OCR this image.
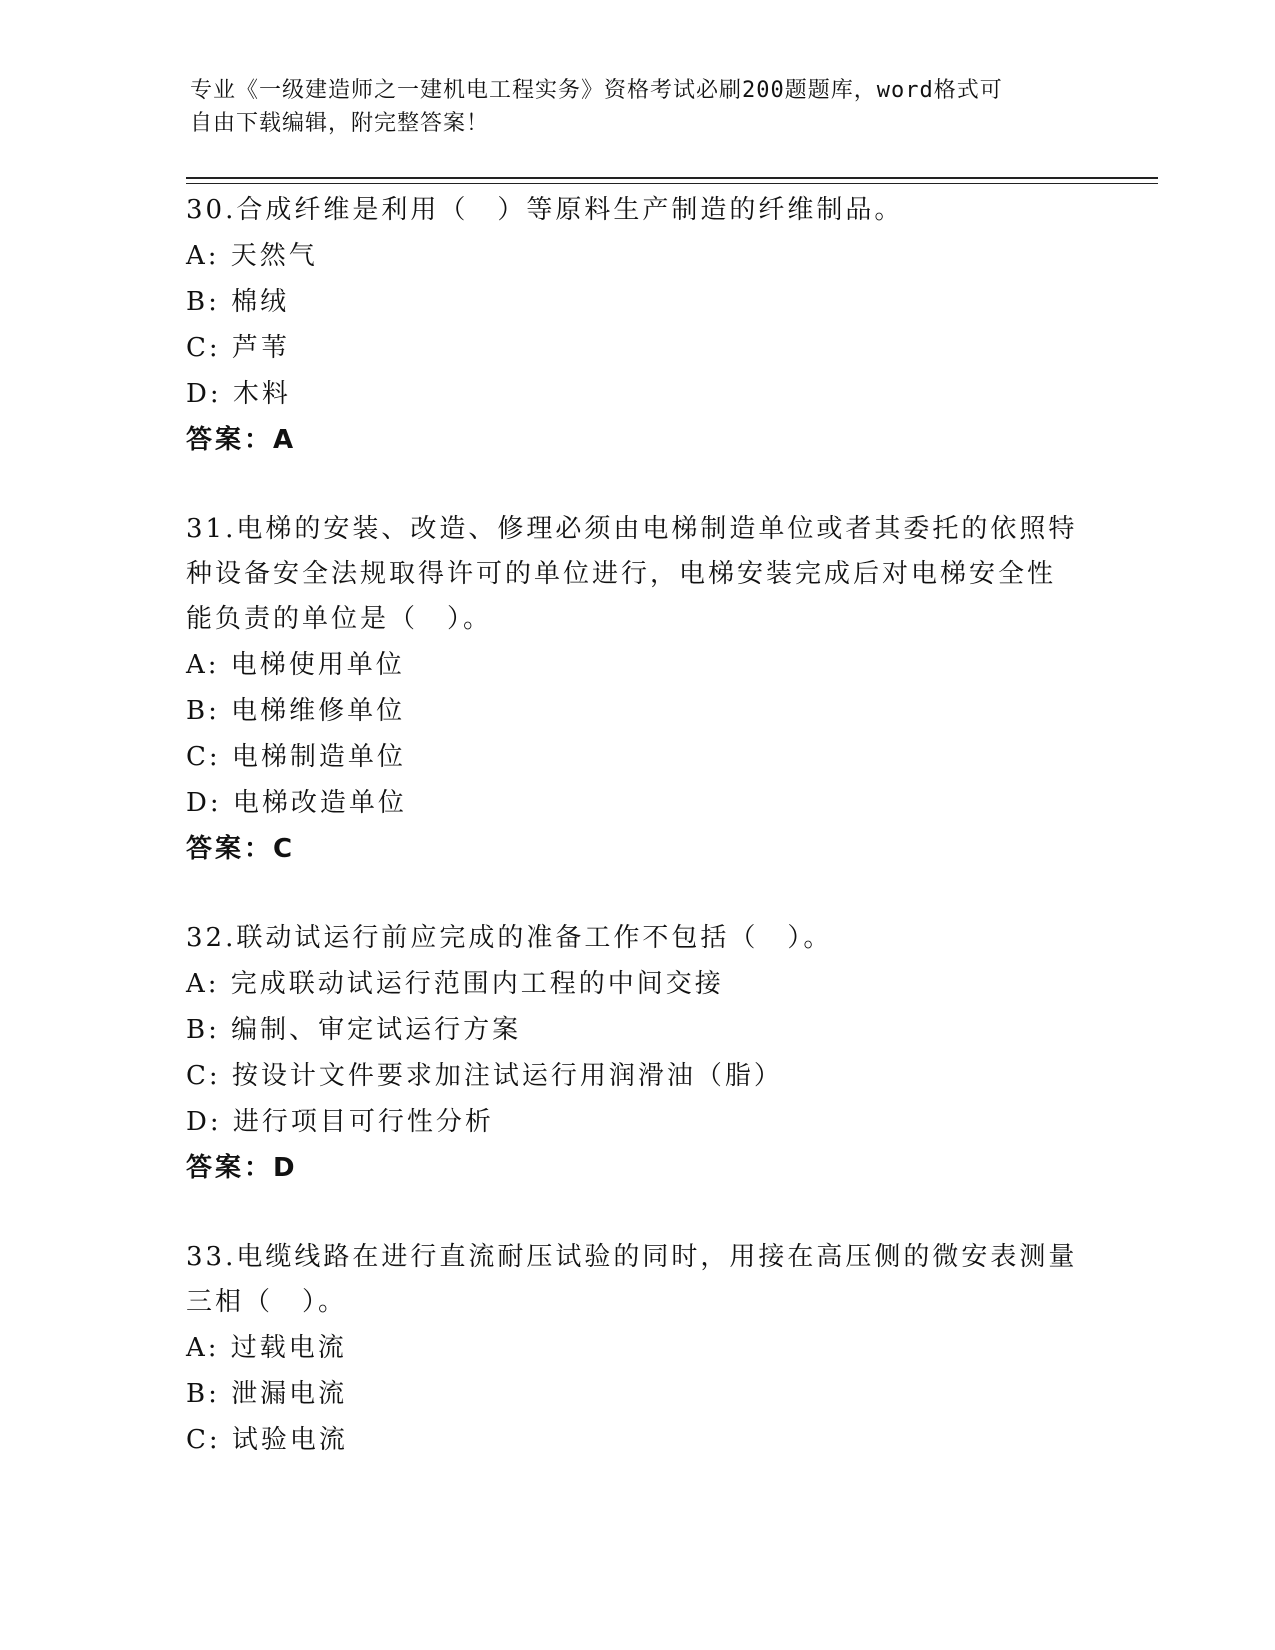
专业《一级建造师之一建机电工程实务》资格考试必刷200题题库，word格式可
自由下载编辑，附完整答案！

30.合成纤维是利用（　）等原料生产制造的纤维制品。

A: 天然气

B: 棉绒

C: 芦苇

D: 木料

答案：A

31.电梯的安装、改造、修理必须由电梯制造单位或者其委托的依照特

种设备安全法规取得许可的单位进行，电梯安装完成后对电梯安全性

能负责的单位是（　）。

A: 电梯使用单位

B: 电梯维修单位

C: 电梯制造单位

D: 电梯改造单位

答案：C

32.联动试运行前应完成的准备工作不包括（　）。

A: 完成联动试运行范围内工程的中间交接

B: 编制、审定试运行方案

C: 按设计文件要求加注试运行用润滑油（脂）

D: 进行项目可行性分析

答案：D

33.电缆线路在进行直流耐压试验的同时，用接在高压侧的微安表测量

三相（　）。

A: 过载电流

B: 泄漏电流

C: 试验电流
